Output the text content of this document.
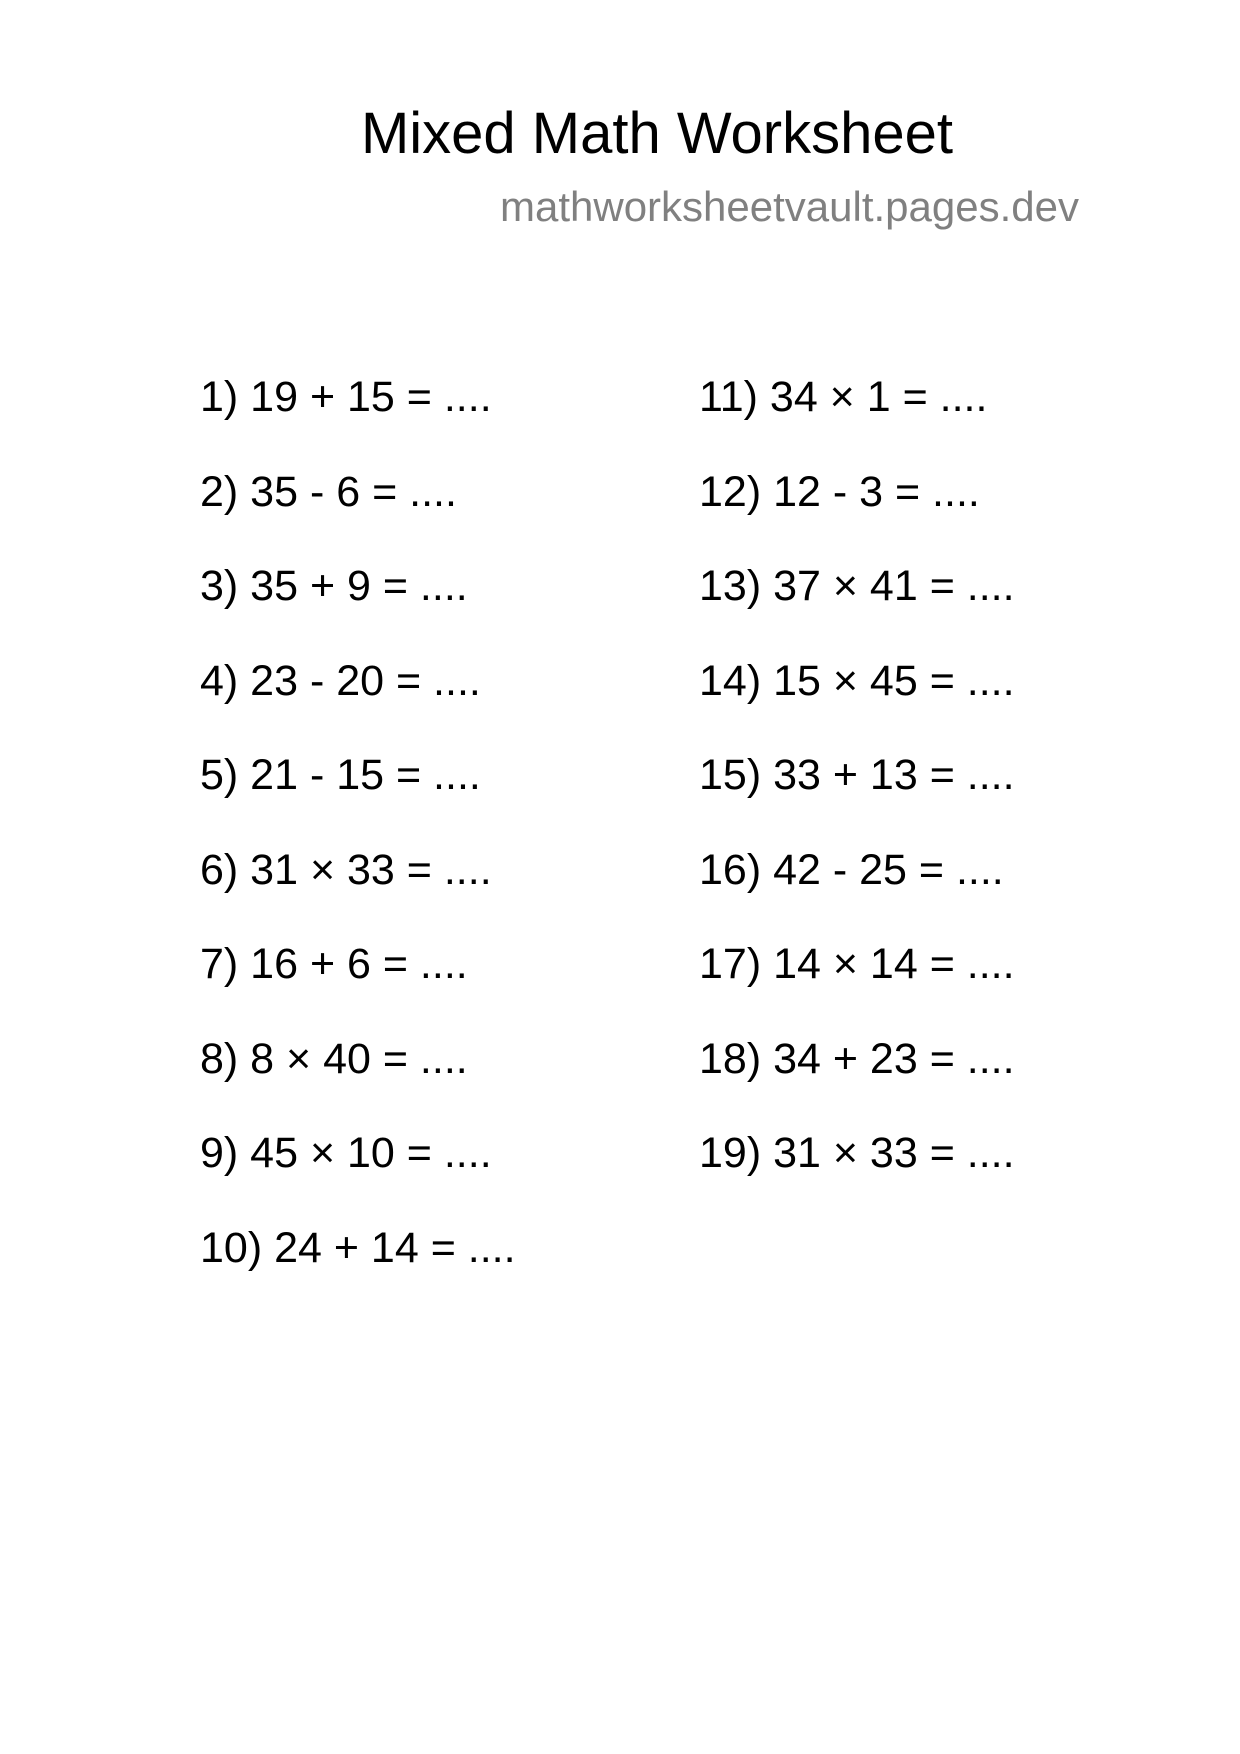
Mixed Math Worksheet
mathworksheetvault.pages.dev
1) 19 + 15 = ....
2) 35 - 6 = ....
3) 35 + 9 = ....
4) 23 - 20 = ....
5) 21 - 15 = ....
6) 31 × 33 = ....
7) 16 + 6 = ....
8) 8 × 40 = ....
9) 45 × 10 = ....
10) 24 + 14 = ....
11) 34 × 1 = ....
12) 12 - 3 = ....
13) 37 × 41 = ....
14) 15 × 45 = ....
15) 33 + 13 = ....
16) 42 - 25 = ....
17) 14 × 14 = ....
18) 34 + 23 = ....
19) 31 × 33 = ....
